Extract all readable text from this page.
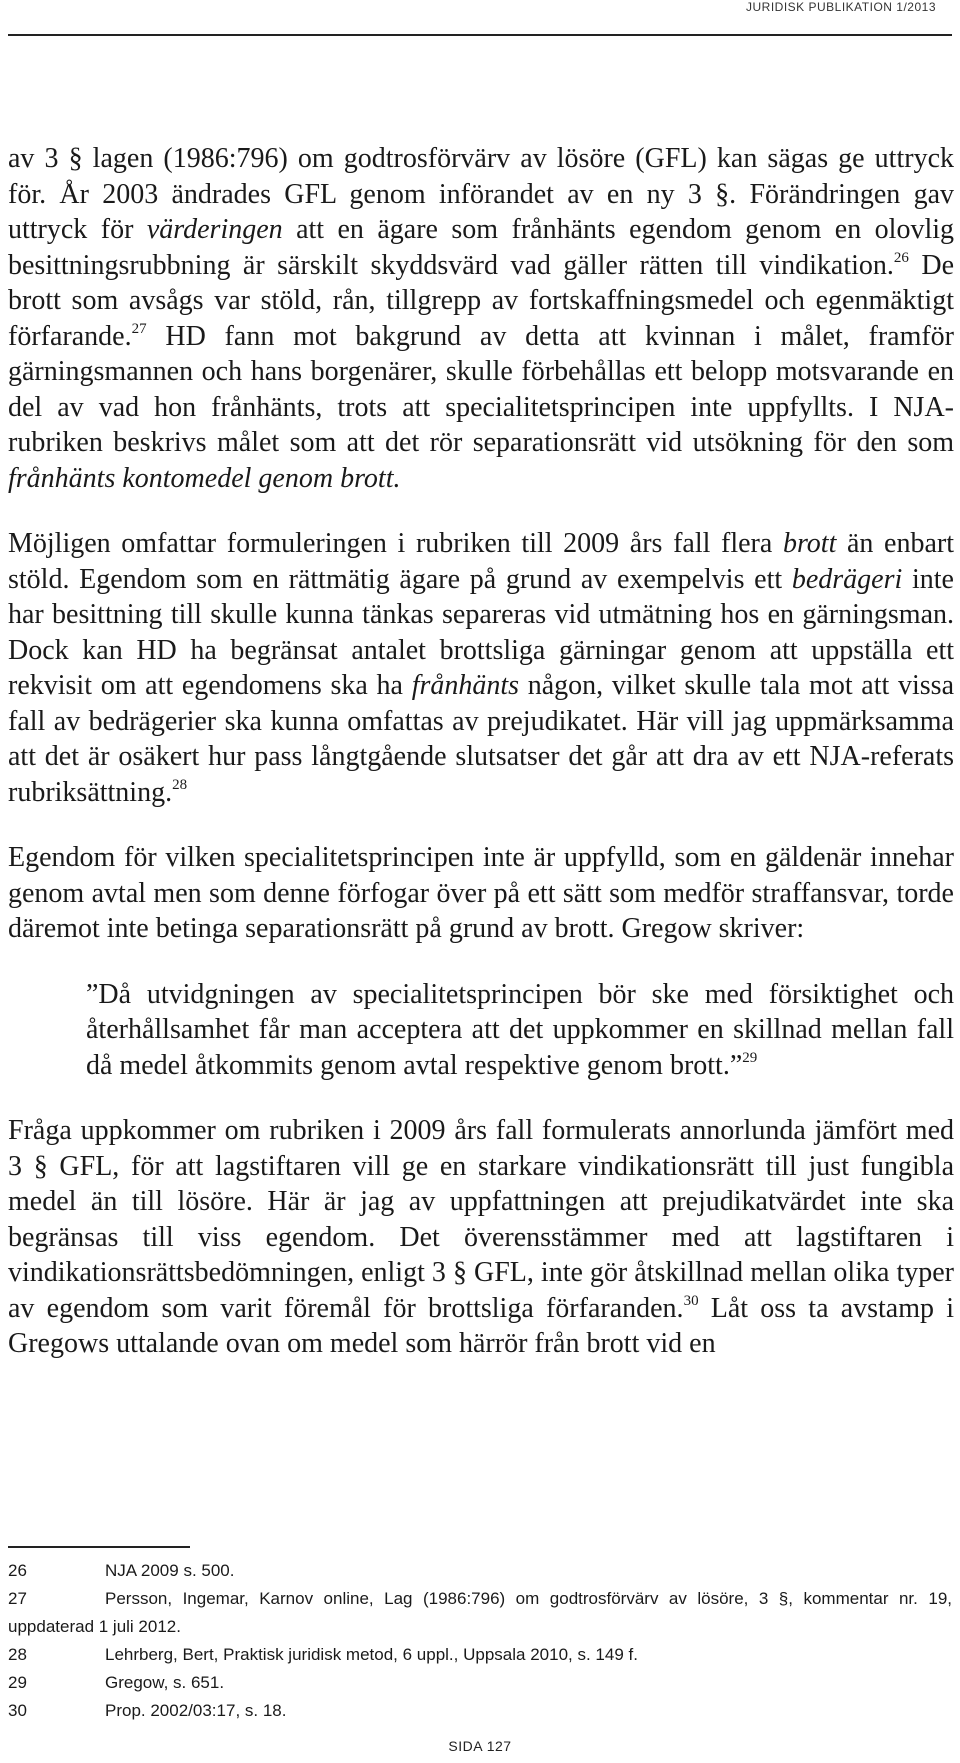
JURIDISK PUBLIKATION 1/2013

av 3 § lagen (1986:796) om godtrosförvärv av lösöre (GFL) kan sägas ge uttryck för. År 2003 ändrades GFL genom införandet av en ny 3 §. Förändringen gav uttryck för värderingen att en ägare som frånhänts egendom genom en olovlig besittningsrubbning är särskilt skyddsvärd vad gäller rätten till vindikation.$^{26}$ De brott som avsågs var stöld, rån, tillgrepp av fortskaffningsmedel och egenmäktigt förfarande.$^{27}$ HD fann mot bakgrund av detta att kvinnan i målet, framför gärningsmannen och hans borgenärer, skulle förbehållas ett belopp motsvarande en del av vad hon frånhänts, trots att specialitetsprincipen inte uppfyllts. I NJA-rubriken beskrivs målet som att det rör separationsrätt vid utsökning för den som frånhänts kontomedel genom brott.

Möjligen omfattar formuleringen i rubriken till 2009 års fall flera brott än enbart stöld. Egendom som en rättmätig ägare på grund av exempelvis ett bedrägeri inte har besittning till skulle kunna tänkas separeras vid utmätning hos en gärningsman. Dock kan HD ha begränsat antalet brottsliga gärningar genom att uppställa ett rekvisit om att egendomens ska ha frånhänts någon, vilket skulle tala mot att vissa fall av bedrägerier ska kunna omfattas av prejudikatet. Här vill jag uppmärksamma att det är osäkert hur pass långtgående slutsatser det går att dra av ett NJA-referats rubriksättning.$^{28}$

Egendom för vilken specialitetsprincipen inte är uppfylld, som en gäldenär innehar genom avtal men som denne förfogar över på ett sätt som medför straffansvar, torde däremot inte betinga separationsrätt på grund av brott. Gregow skriver:

”Då utvidgningen av specialitetsprincipen bör ske med försiktighet och återhållsamhet får man acceptera att det uppkommer en skillnad mellan fall då medel åtkommits genom avtal respektive genom brott.”$^{29}$

Fråga uppkommer om rubriken i 2009 års fall formulerats annorlunda jämfört med 3 § GFL, för att lagstiftaren vill ge en starkare vindikationsrätt till just fungibla medel än till lösöre. Här är jag av uppfattningen att prejudikatvärdet inte ska begränsas till viss egendom. Det överensstämmer med att lagstiftaren i vindikationsrättsbedömningen, enligt 3 § GFL, inte gör åtskillnad mellan olika typer av egendom som varit föremål för brottsliga förfaranden.$^{30}$ Låt oss ta avstamp i Gregows uttalande ovan om medel som härrör från brott vid en

26	NJA 2009 s. 500.

27	Persson, Ingemar, Karnov online, Lag (1986:796) om godtrosförvärv av lösöre, 3 §, kommentar nr. 19, uppdaterad 1 juli 2012.

28	Lehrberg, Bert, Praktisk juridisk metod, 6 uppl., Uppsala 2010, s. 149 f.

29	Gregow, s. 651.

30	Prop. 2002/03:17, s. 18.

SIDA 127
